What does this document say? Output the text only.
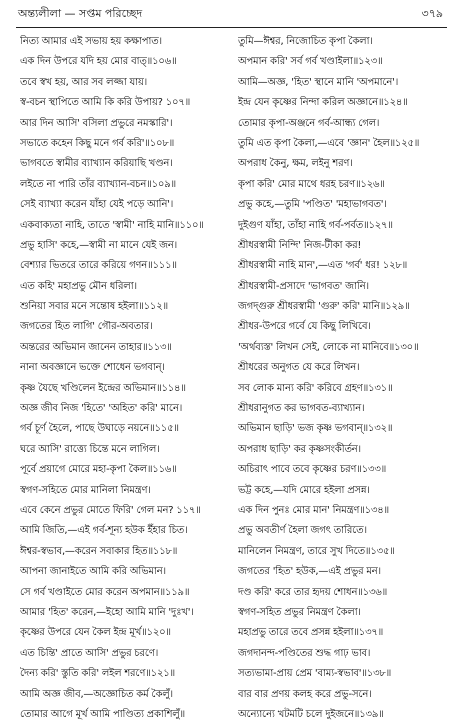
অন্ত্যলীলা — সপ্তম পরিচ্ছেদ	৩৭৯
নিত্য আমার এই সভায় হয় কক্ষাপাত।
এক দিন উপরে যদি হয় মোর বাত্॥১০৬॥
তবে স্বখ হয়, আর সব লজ্জা যায়।
স্ব-বচন স্থাপিতে আমি কি করি উপায়? ১০৭॥
আর দিন আসি' বসিলা প্রভুরে নমস্কারি'।
সভাতে কহেন কিছু মনে গর্ব করি'॥১০৮॥
ভাগবতে স্বামীর ব্যাখ্যান করিয়াছি খণ্ডন।
লইতে না পারি তাঁর ব্যাখ্যান-বচন॥১০৯॥
সেই ব্যাখ্যা করেন যাঁহা যেই পড়ে আনি'।
একবাক্যতা নাহি, তাতে 'স্বামী' নাহি মানি॥১১০॥
প্রভু হাসি' কহে,—স্বামী না মানে যেই জন।
বেশ্যার ভিতরে তারে করিয়ে গণন॥১১১॥
এত কহি' মহাপ্রভু মৌন ধরিলা।
শুনিয়া সবার মনে সন্তোষ হইলা॥১১২॥
জগতের হিত লাগি' গৌর-অবতার।
অন্তরের অভিমান জানেন তাহার॥১১৩॥
নানা অবজ্ঞানে ভক্তে শোধেন ভগবান্।
কৃষ্ণ যৈছে খণ্ডিলেন ইন্দ্রের অভিমান॥১১৪॥
অজ্ঞ জীব নিজ 'হিতে' 'অহিত' করি' মানে।
গর্ব চূর্ণ হৈলে, পাছে উঘাড়ে নয়নে॥১১৫॥
ঘরে আসি' রাত্ত্যে চিন্তে মনে লাগিল।
পূর্বে প্রয়াগে মোরে মহা-কৃপা কৈল॥১১৬॥
স্বগণ-সহিতে মোর মানিলা নিমন্ত্রণ।
এবে কেনে প্রভুর মোতে ফিরি' গেল মন? ১১৭॥
আমি জিতি,—এই গর্ব-শূন্য হউক ইঁহার চিত।
ঈশ্বর-স্বভাব,—করেন সবাকার হিত॥১১৮॥
আপনা জানাইতে আমি করি অভিমান।
সে গর্ব খণ্ডাইতে মোর করেন অপমান॥১১৯॥
আমার 'হিত' করেন,—ইহো আমি মানি 'দুঃখ'।
কৃষ্ণের উপরে যেন কৈল ইন্দ্র মূর্খ॥১২০॥
এত চিন্তি' প্রাতে আসি' প্রভুর চরণে।
দৈন্য করি' স্তুতি করি' লইল শরণে॥১২১॥
আমি অজ্ঞ জীব,—অজ্ঞোচিত কর্ম কৈলুঁ।
তোমার আগে মূর্খ আমি পাণ্ডিত্য প্রকাশিলুঁ॥
তুমি—ঈশ্বর, নিজোচিত কৃপা কৈলা।
অপমান করি' সর্ব গর্ব খণ্ডাইলা॥১২৩॥
আমি—অজ্ঞ, 'হিত' স্থানে মানি 'অপমানে'।
ইন্দ্র যেন কৃষ্ণের নিন্দা করিল অজ্ঞানে॥১২৪॥
তোমার কৃপা-অঞ্জনে গর্ব-আন্ধ্য গেল।
তুমি এত কৃপা কৈলা,—এবে 'জ্ঞান' হৈল॥১২৫॥
অপরাধ কৈনু, ক্ষম, লইনু শরণ।
কৃপা করি' মোর মাথে ধরহ চরণ॥১২৬॥
প্রভু কহে,—তুমি 'পণ্ডিত' 'মহাভাগবত'।
দুইগুণ যাঁহা, তাঁহা নাহি গর্ব-পর্বত॥১২৭॥
শ্রীধরস্বামী নিন্দি' নিজ-টীকা কর!
শ্রীধরস্বামী নাহি মান',—এত 'গর্ব' ধর! ১২৮॥
শ্রীধরস্বামী-প্রসাদে 'ভাগবত' জানি।
জগদ্গুরু শ্রীধরস্বামী 'গুরু' করি' মানি॥১২৯॥
শ্রীধর-উপরে গর্বে যে কিছু লিখিবে।
'অর্থব্যস্ত' লিখন সেই, লোকে না মানিবে॥১৩০॥
শ্রীধরের অনুগত যে করে লিখন।
সব লোক মান্য করি' করিবে গ্রহণ॥১৩১॥
শ্রীধরানুগত কর ভাগবত-ব্যাখ্যান।
অভিমান ছাড়ি' ভজ কৃষ্ণ ভগবান্॥১৩২॥
অপরাধ ছাড়ি' কর কৃষ্ণসংকীর্তন।
অচিরাৎ পাবে তবে কৃষ্ণের চরণ॥১৩৩॥
ভট্ট কহে,—যদি মোরে হইলা প্রসন্ন।
এক দিন পুনঃ মোর মান' নিমন্ত্রণ॥১৩৪॥
প্রভু অবতীর্ণ হৈলা জগৎ তারিতে।
মানিলেন নিমন্ত্রণ, তারে সুখ দিতে॥১৩৫॥
জগতের 'হিত' হউক,—এই প্রভুর মন।
দণ্ড করি' করে তার হৃদয় শোধন॥১৩৬॥
স্বগণ-সহিত প্রভুর নিমন্ত্রণ কৈলা।
মহাপ্রভু তারে তবে প্রসন্ন হইলা॥১৩৭॥
জগদানন্দ-পণ্ডিতের শুদ্ধ গাঢ় ভাব।
সত্যভামা-প্রায় প্রেম 'বাম্য-স্বভাব'॥১৩৮॥
বার বার প্রণয় কলহ করে প্রভু-সনে।
অন্যোন্যে খটমটি চলে দুইজনে॥১৩৯॥
